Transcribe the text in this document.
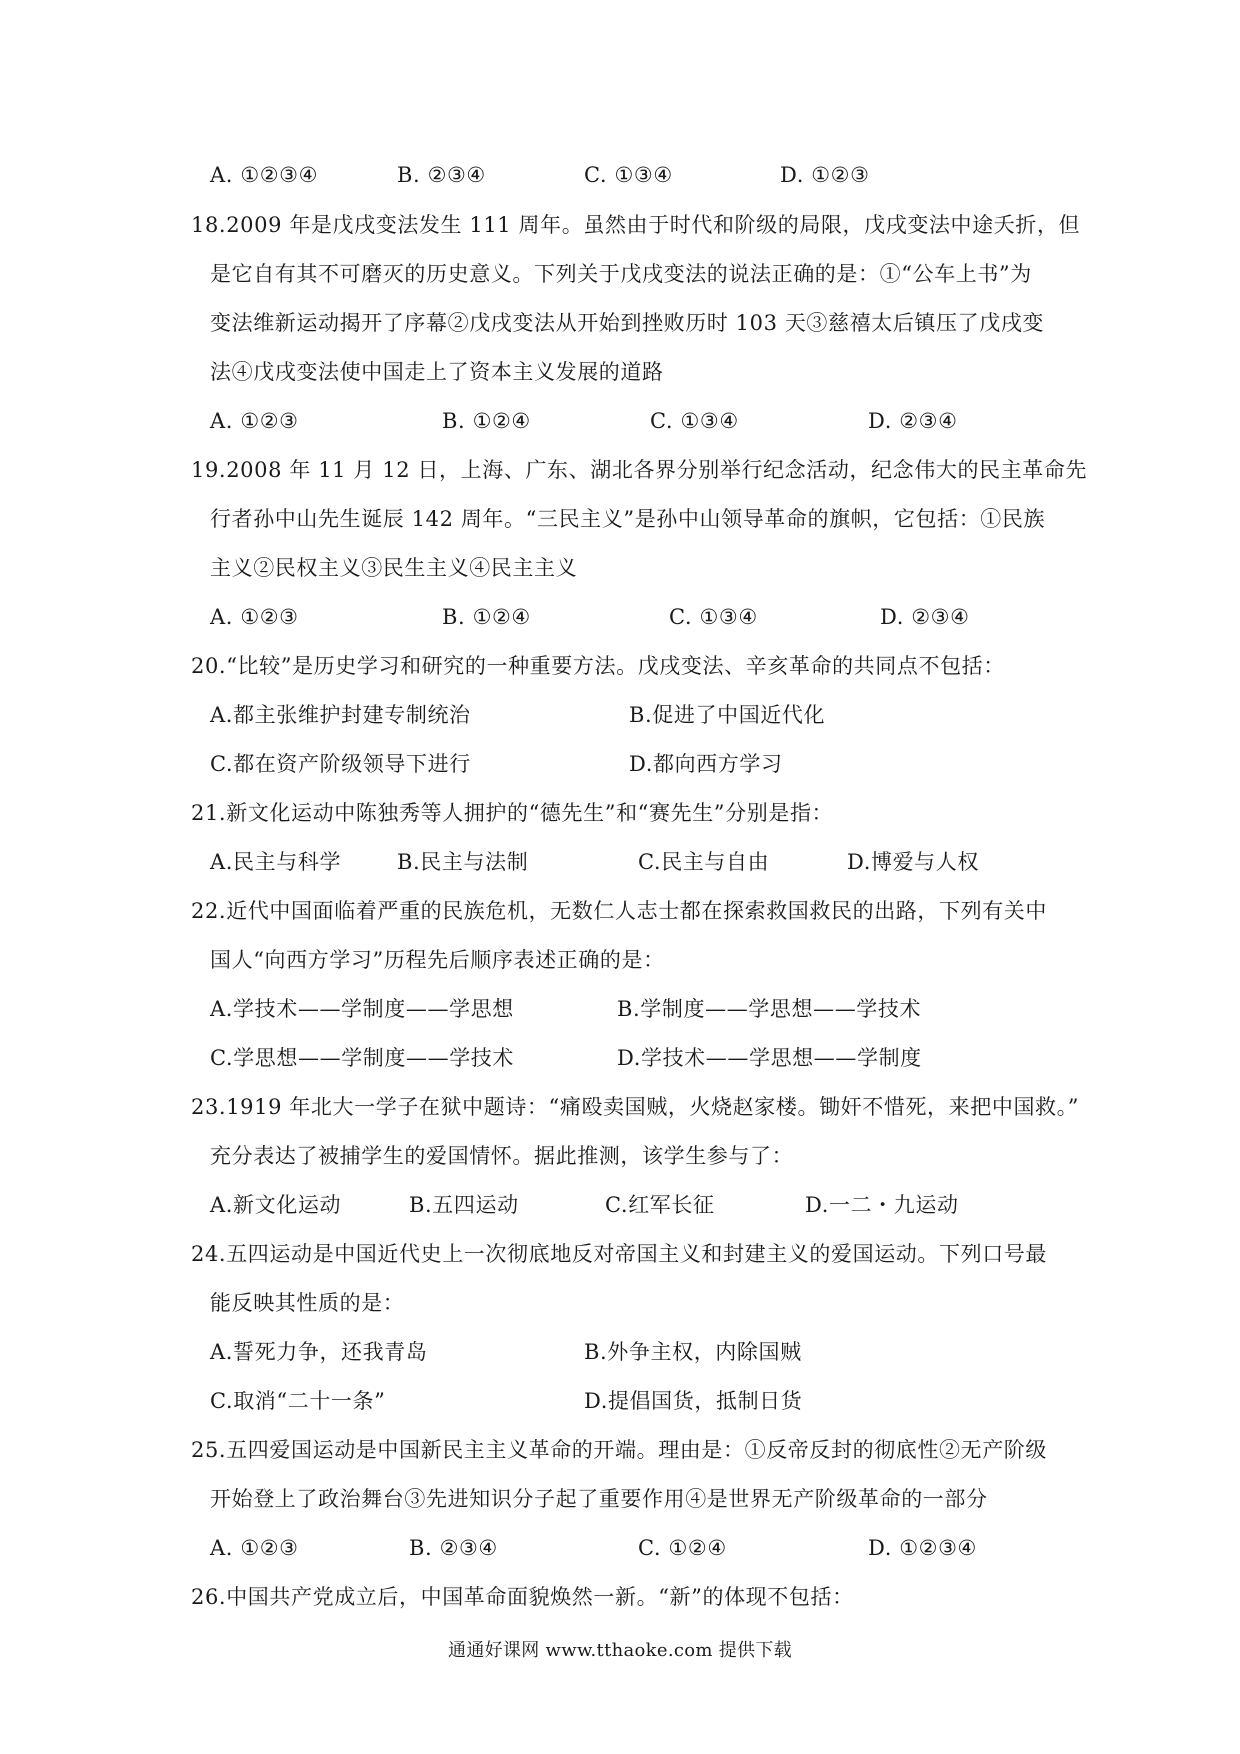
A. ①②③④	B. ②③④	C. ①③④	D. ①②③
18.2009 年是戊戌变法发生 111 周年。虽然由于时代和阶级的局限，戊戌变法中途夭折，但
是它自有其不可磨灭的历史意义。下列关于戊戌变法的说法正确的是：①“公车上书”为
变法维新运动揭开了序幕②戊戌变法从开始到挫败历时 103 天③慈禧太后镇压了戊戌变
法④戊戌变法使中国走上了资本主义发展的道路
A. ①②③	B. ①②④	C. ①③④	D. ②③④
19.2008 年 11 月 12 日，上海、广东、湖北各界分别举行纪念活动，纪念伟大的民主革命先
行者孙中山先生诞辰 142 周年。“三民主义”是孙中山领导革命的旗帜，它包括：①民族
主义②民权主义③民生主义④民主主义
A. ①②③	B. ①②④	C. ①③④	D. ②③④
20.“比较”是历史学习和研究的一种重要方法。戊戌变法、辛亥革命的共同点不包括：
A.都主张维护封建专制统治	B.促进了中国近代化
C.都在资产阶级领导下进行	D.都向西方学习
21.新文化运动中陈独秀等人拥护的“德先生”和“赛先生”分别是指：
A.民主与科学	B.民主与法制	C.民主与自由	D.博爱与人权
22.近代中国面临着严重的民族危机，无数仁人志士都在探索救国救民的出路，下列有关中
国人“向西方学习”历程先后顺序表述正确的是：
A.学技术——学制度——学思想	B.学制度——学思想——学技术
C.学思想——学制度——学技术	D.学技术——学思想——学制度
23.1919 年北大一学子在狱中题诗：“痛殴卖国贼，火烧赵家楼。锄奸不惜死，来把中国救。”
充分表达了被捕学生的爱国情怀。据此推测，该学生参与了：
A.新文化运动	B.五四运动	C.红军长征	D.一二・九运动
24.五四运动是中国近代史上一次彻底地反对帝国主义和封建主义的爱国运动。下列口号最
能反映其性质的是：
A.誓死力争，还我青岛	B.外争主权，内除国贼
C.取消“二十一条”	D.提倡国货，抵制日货
25.五四爱国运动是中国新民主主义革命的开端。理由是：①反帝反封的彻底性②无产阶级
开始登上了政治舞台③先进知识分子起了重要作用④是世界无产阶级革命的一部分
A. ①②③	B. ②③④	C. ①②④	D. ①②③④
26.中国共产党成立后，中国革命面貌焕然一新。“新”的体现不包括：
通通好课网 www.tthaoke.com 提供下载
